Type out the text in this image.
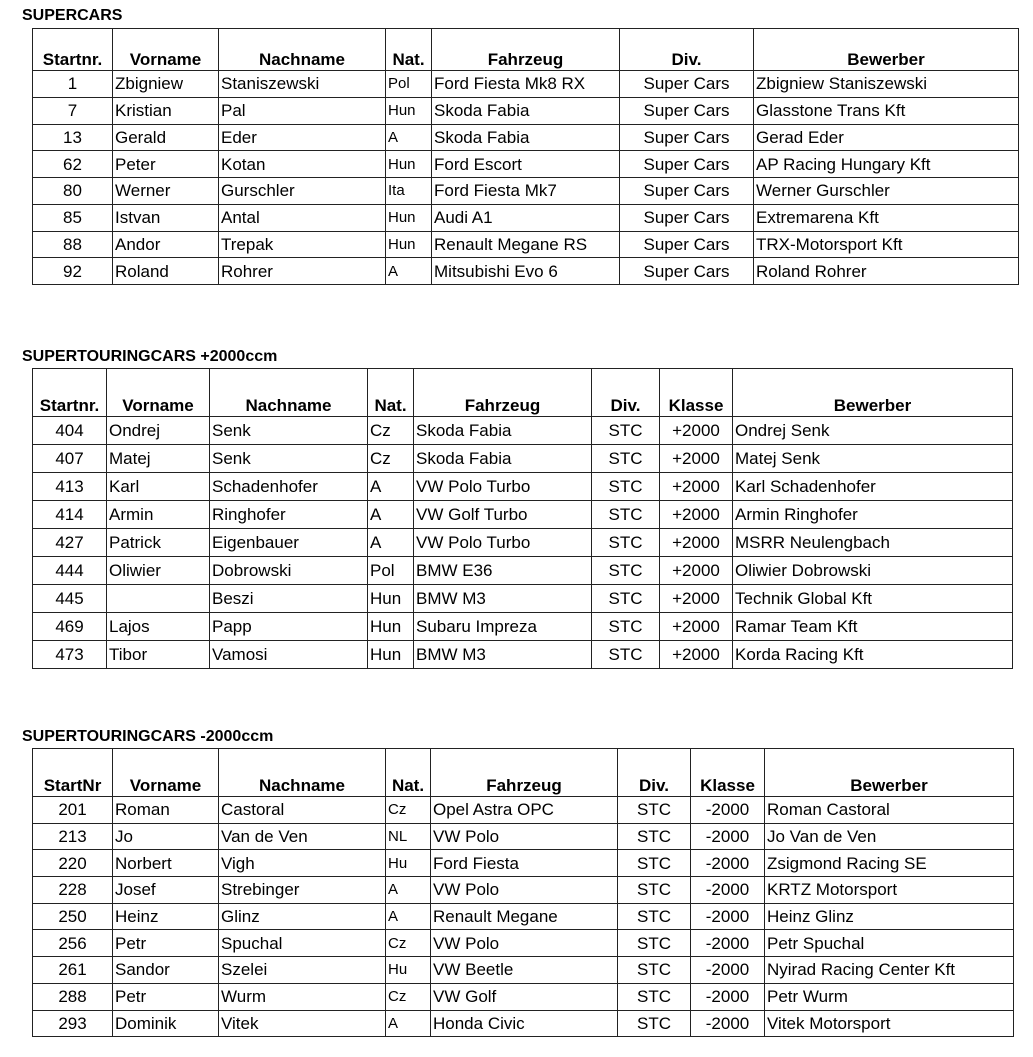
SUPERCARS
Startnr.	Vorname	Nachname	Nat.	Fahrzeug	Div.	Bewerber
1	Zbigniew	Staniszewski	Pol	Ford Fiesta Mk8 RX	Super Cars	Zbigniew Staniszewski
7	Kristian	Pal	Hun	Skoda Fabia	Super Cars	Glasstone Trans Kft
13	Gerald	Eder	A	Skoda Fabia	Super Cars	Gerad Eder
62	Peter	Kotan	Hun	Ford Escort	Super Cars	AP Racing Hungary Kft
80	Werner	Gurschler	Ita	Ford Fiesta Mk7	Super Cars	Werner Gurschler
85	Istvan	Antal	Hun	Audi A1	Super Cars	Extremarena Kft
88	Andor	Trepak	Hun	Renault Megane RS	Super Cars	TRX-Motorsport Kft
92	Roland	Rohrer	A	Mitsubishi Evo 6	Super Cars	Roland Rohrer
SUPERTOURINGCARS +2000ccm
Startnr.	Vorname	Nachname	Nat.	Fahrzeug	Div.	Klasse	Bewerber
404	Ondrej	Senk	Cz	Skoda Fabia	STC	+2000	Ondrej Senk
407	Matej	Senk	Cz	Skoda Fabia	STC	+2000	Matej Senk
413	Karl	Schadenhofer	A	VW Polo Turbo	STC	+2000	Karl Schadenhofer
414	Armin	Ringhofer	A	VW Golf Turbo	STC	+2000	Armin Ringhofer
427	Patrick	Eigenbauer	A	VW Polo Turbo	STC	+2000	MSRR Neulengbach
444	Oliwier	Dobrowski	Pol	BMW E36	STC	+2000	Oliwier Dobrowski
445		Beszi	Hun	BMW M3	STC	+2000	Technik Global Kft
469	Lajos	Papp	Hun	Subaru Impreza	STC	+2000	Ramar Team Kft
473	Tibor	Vamosi	Hun	BMW M3	STC	+2000	Korda Racing Kft
SUPERTOURINGCARS -2000ccm
StartNr	Vorname	Nachname	Nat.	Fahrzeug	Div.	Klasse	Bewerber
201	Roman	Castoral	Cz	Opel Astra OPC	STC	-2000	Roman Castoral
213	Jo	Van de Ven	NL	VW Polo	STC	-2000	Jo Van de Ven
220	Norbert	Vigh	Hu	Ford Fiesta	STC	-2000	Zsigmond Racing SE
228	Josef	Strebinger	A	VW Polo	STC	-2000	KRTZ Motorsport
250	Heinz	Glinz	A	Renault Megane	STC	-2000	Heinz Glinz
256	Petr	Spuchal	Cz	VW Polo	STC	-2000	Petr Spuchal
261	Sandor	Szelei	Hu	VW Beetle	STC	-2000	Nyirad Racing Center Kft
288	Petr	Wurm	Cz	VW Golf	STC	-2000	Petr Wurm
293	Dominik	Vitek	A	Honda Civic	STC	-2000	Vitek Motorsport
